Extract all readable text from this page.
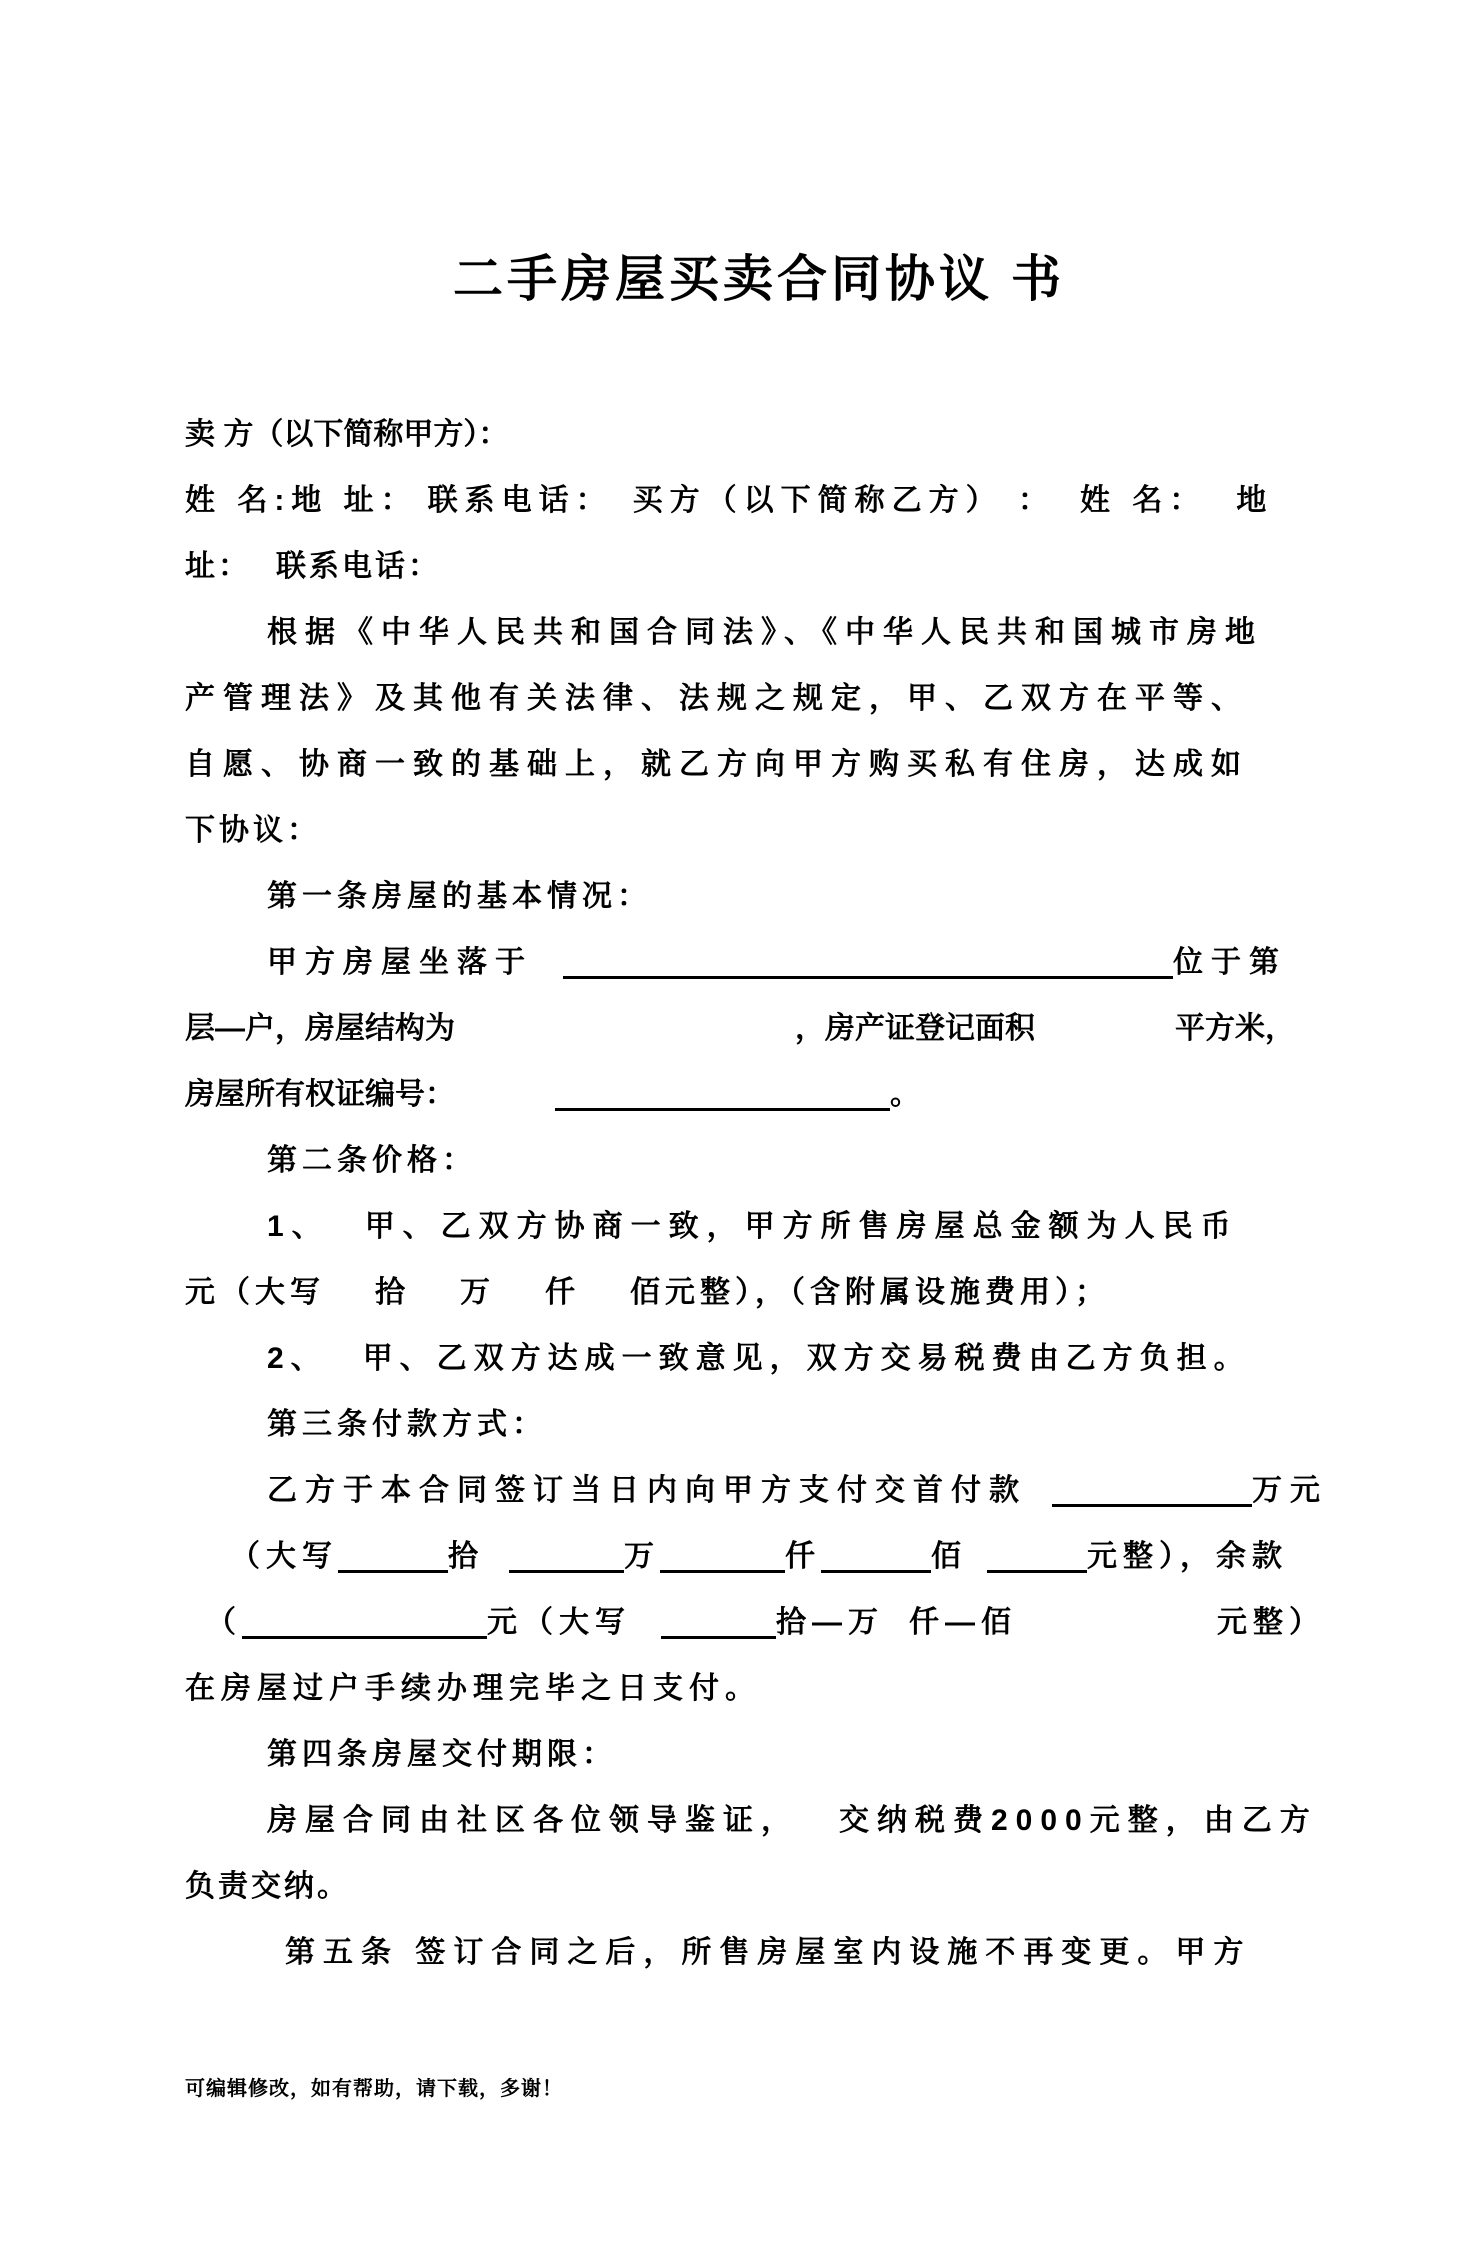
二手房屋买卖合同协议 书
卖 方（以下简称甲方）：
姓 名:地 址： 联系电话： 买方（以下简称乙方） ： 姓 名： 地
址： 联系电话：
根据《中华人民共和国合同法》、《中华人民共和国城市房地
产管理法》及其他有关法律、法规之规定，甲、乙双方在平等、
自愿、协商一致的基础上，就乙方向甲方购买私有住房，达成如
下协议：
第一条房屋的基本情况：
甲方房屋坐落于	位于第
层—户，房屋结构为	，房产证登记面积	平方米，
房屋所有权证编号：	。
第二条价格：
1、 甲、乙双方协商一致，甲方所售房屋总金额为人民币
元（大写 拾 万 仟 佰元整），（含附属设施费用）；
2、 甲、乙双方达成一致意见，双方交易税费由乙方负担。
第三条付款方式：
乙方于本合同签订当日内向甲方支付交首付款	万元
（大写	拾	万	仟	佰	元整），余款
（	元（大写	拾—万 仟—佰	元整）
在房屋过户手续办理完毕之日支付。
第四条房屋交付期限：
房屋合同由社区各位领导鉴证， 交纳税费2000元整，由乙方
负责交纳。
第五条 签订合同之后，所售房屋室内设施不再变更。甲方
可编辑修改，如有帮助，请下载，多谢！
